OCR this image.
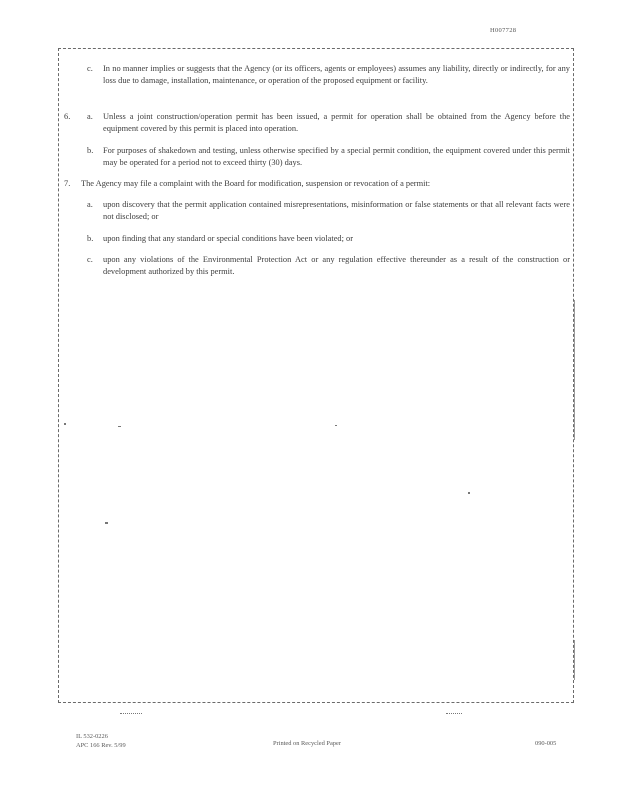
H007728
c. In no manner implies or suggests that the Agency (or its officers, agents or employees) assumes any liability, directly or indirectly, for any loss due to damage, installation, maintenance, or operation of the proposed equipment or facility.
6. a. Unless a joint construction/operation permit has been issued, a permit for operation shall be obtained from the Agency before the equipment covered by this permit is placed into operation.
b. For purposes of shakedown and testing, unless otherwise specified by a special permit condition, the equipment covered under this permit may be operated for a period not to exceed thirty (30) days.
7. The Agency may file a complaint with the Board for modification, suspension or revocation of a permit:
a. upon discovery that the permit application contained misrepresentations, misinformation or false statements or that all relevant facts were not disclosed; or
b. upon finding that any standard or special conditions have been violated; or
c. upon any violations of the Environmental Protection Act or any regulation effective thereunder as a result of the construction or development authorized by this permit.
IL 532-0226
APC 166 Rev. 5/99	Printed on Recycled Paper	090-005
